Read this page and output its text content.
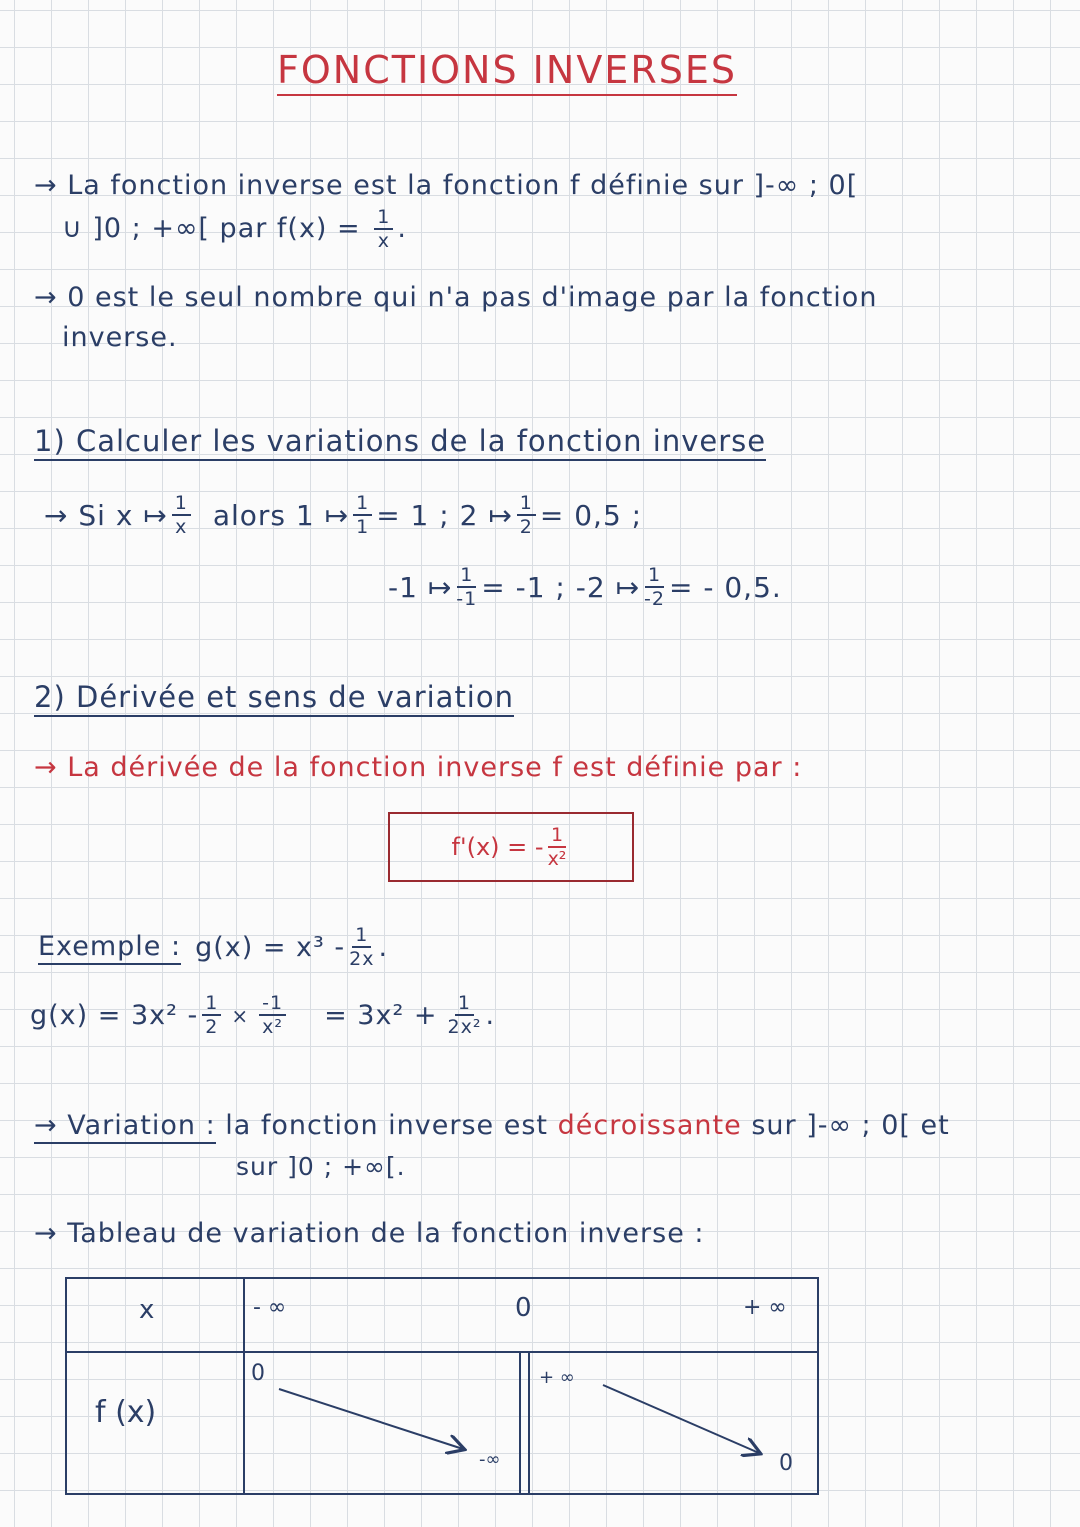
FONCTIONS INVERSES
→ La fonction inverse est la fonction f définie sur ]-∞ ; 0[
∪ ]0 ; +∞[ par $f(x) = \frac{1}{x}$ .
→ 0 est le seul nombre qui n'a pas d'image par la fonction
inverse.
1) Calculer les variations de la fonction inverse
→ Si x ↦ $\frac{1}{x}$ alors 1 ↦ $\frac{1}{1} = 1$ ; 2 ↦ $\frac{1}{2} = 0,5$ ;
-1 ↦ $\frac{1}{-1} = -1$ ; -2 ↦ $\frac{1}{-2}$ = - 0,5.
2) Dérivée et sens de variation
→ La dérivée de la fonction inverse f est définie par :
f'(x) = - $\frac{1}{\text{x²}}$
Exemple : $g(x) = x^3 - \frac{1}{2x}$ .
$g(x) = 3x^2 - \frac{1}{2} \times \frac{-1}{\text{x²}} = 3x^2 + \frac{1}{\text{2x²}}$ .
→ Variation : la fonction inverse est décroissante sur ]-∞ ; 0[ et
sur ]0 ; +∞[.
→ Tableau de variation de la fonction inverse :
x
f (x)
- ∞	0	+ ∞
0
-∞
+ ∞
0
